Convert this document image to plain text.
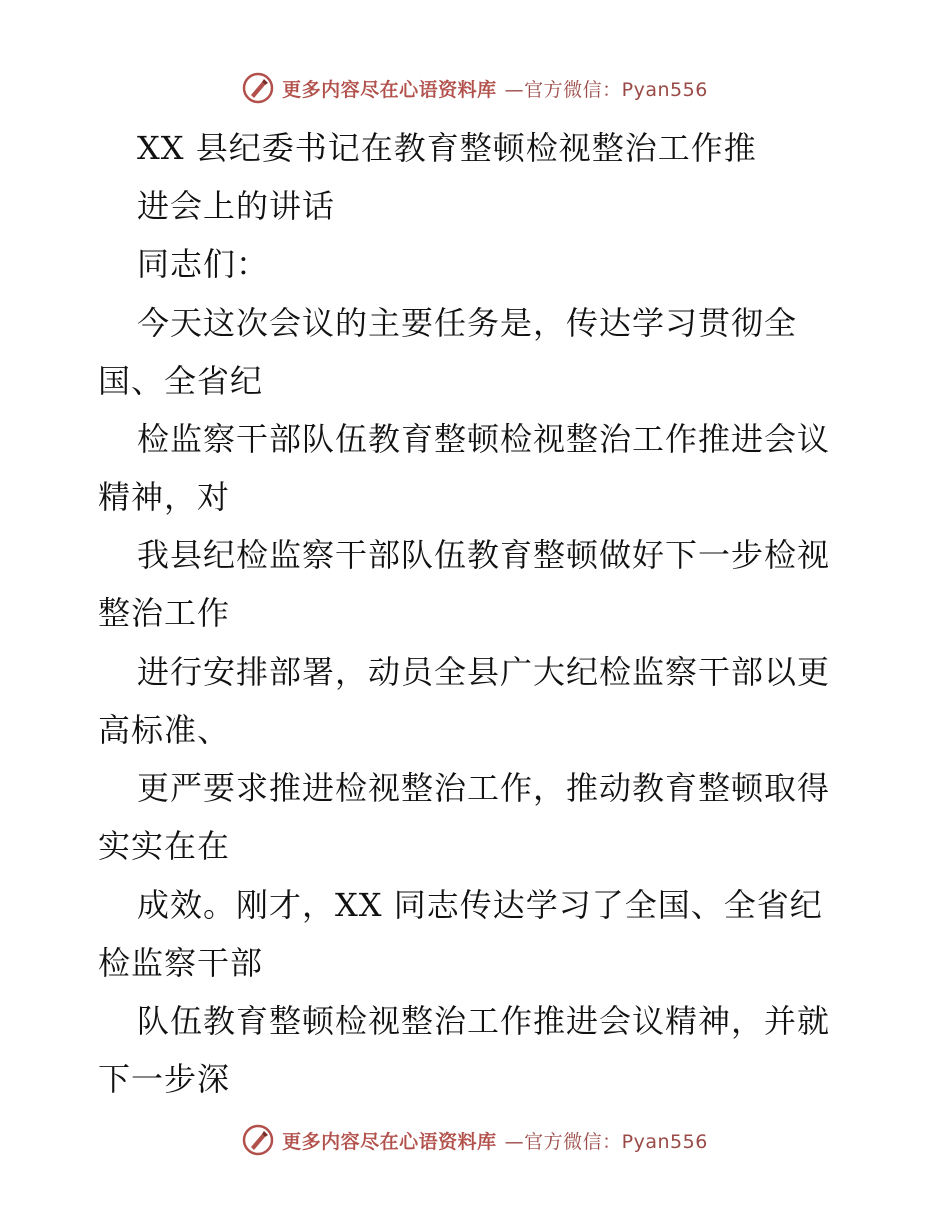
更多内容尽在心语资料库 —官方微信：Pyan556
XX 县纪委书记在教育整顿检视整治工作推
进会上的讲话
同志们：
今天这次会议的主要任务是，传达学习贯彻全
国、全省纪
检监察干部队伍教育整顿检视整治工作推进会议
精神，对
我县纪检监察干部队伍教育整顿做好下一步检视
整治工作
进行安排部署，动员全县广大纪检监察干部以更
高标准、
更严要求推进检视整治工作，推动教育整顿取得
实实在在
成效。刚才，XX 同志传达学习了全国、全省纪
检监察干部
队伍教育整顿检视整治工作推进会议精神，并就
下一步深
更多内容尽在心语资料库 —官方微信：Pyan556
